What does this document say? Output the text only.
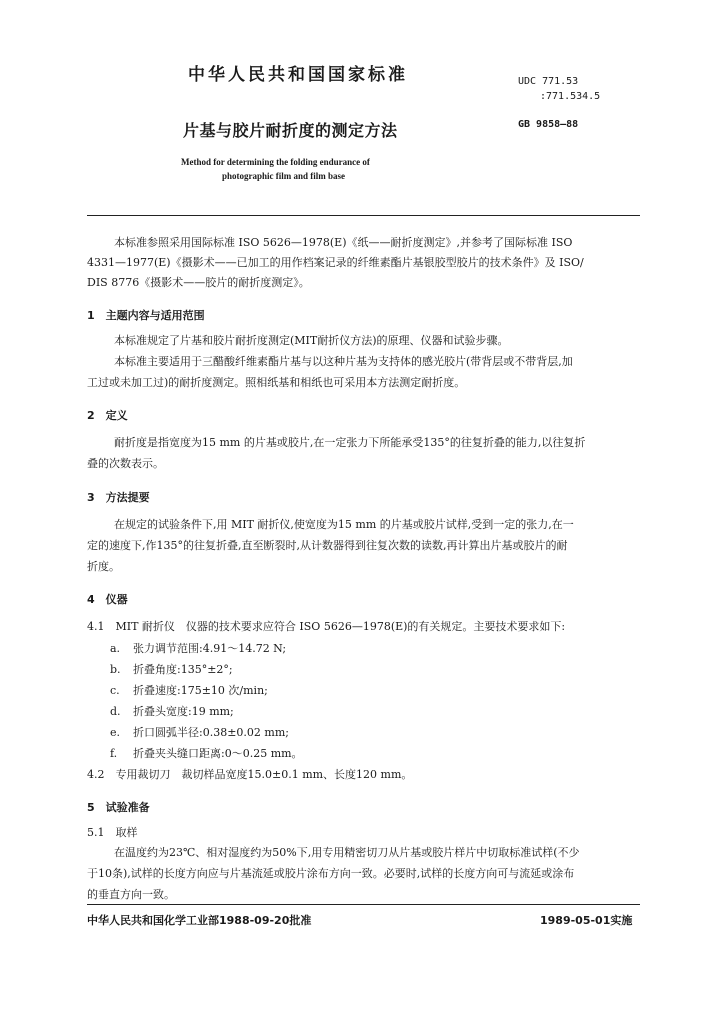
中华人民共和国国家标准	UDC 771.53
:771.534.5
GB 9858—88
片基与胶片耐折度的测定方法
Method for determining the folding endurance of
photographic film and film base
本标准参照采用国际标准 ISO 5626—1978(E)《纸——耐折度测定》,并参考了国际标准 ISO
4331—1977(E)《摄影术——已加工的用作档案记录的纤维素酯片基银胶型胶片的技术条件》及 ISO/
DIS 8776《摄影术——胶片的耐折度测定》。
1　主题内容与适用范围
本标准规定了片基和胶片耐折度测定(MIT耐折仪方法)的原理、仪器和试验步骤。
本标准主要适用于三醋酸纤维素酯片基与以这种片基为支持体的感光胶片(带背层或不带背层,加
工过或未加工过)的耐折度测定。照相纸基和相纸也可采用本方法测定耐折度。
2　定义
耐折度是指宽度为15 mm 的片基或胶片,在一定张力下所能承受135°的往复折叠的能力,以往复折
叠的次数表示。
3　方法提要
在规定的试验条件下,用 MIT 耐折仪,使宽度为15 mm 的片基或胶片试样,受到一定的张力,在一
定的速度下,作135°的往复折叠,直至断裂时,从计数器得到往复次数的读数,再计算出片基或胶片的耐
折度。
4　仪器
4.1　MIT 耐折仪　仪器的技术要求应符合 ISO 5626—1978(E)的有关规定。主要技术要求如下:
a. 张力调节范围:4.91～14.72 N;
b. 折叠角度:135°±2°;
c. 折叠速度:175±10 次/min;
d. 折叠头宽度:19 mm;
e. 折口圆弧半径:0.38±0.02 mm;
f. 折叠夹头缝口距离:0～0.25 mm。
4.2　专用裁切刀　裁切样品宽度15.0±0.1 mm、长度120 mm。
5　试验准备
5.1　取样
在温度约为23℃、相对湿度约为50%下,用专用精密切刀从片基或胶片样片中切取标准试样(不少
于10条),试样的长度方向应与片基流延或胶片涂布方向一致。必要时,试样的长度方向可与流延或涂布
的垂直方向一致。
中华人民共和国化学工业部1988-09-20批准	1989-05-01实施
